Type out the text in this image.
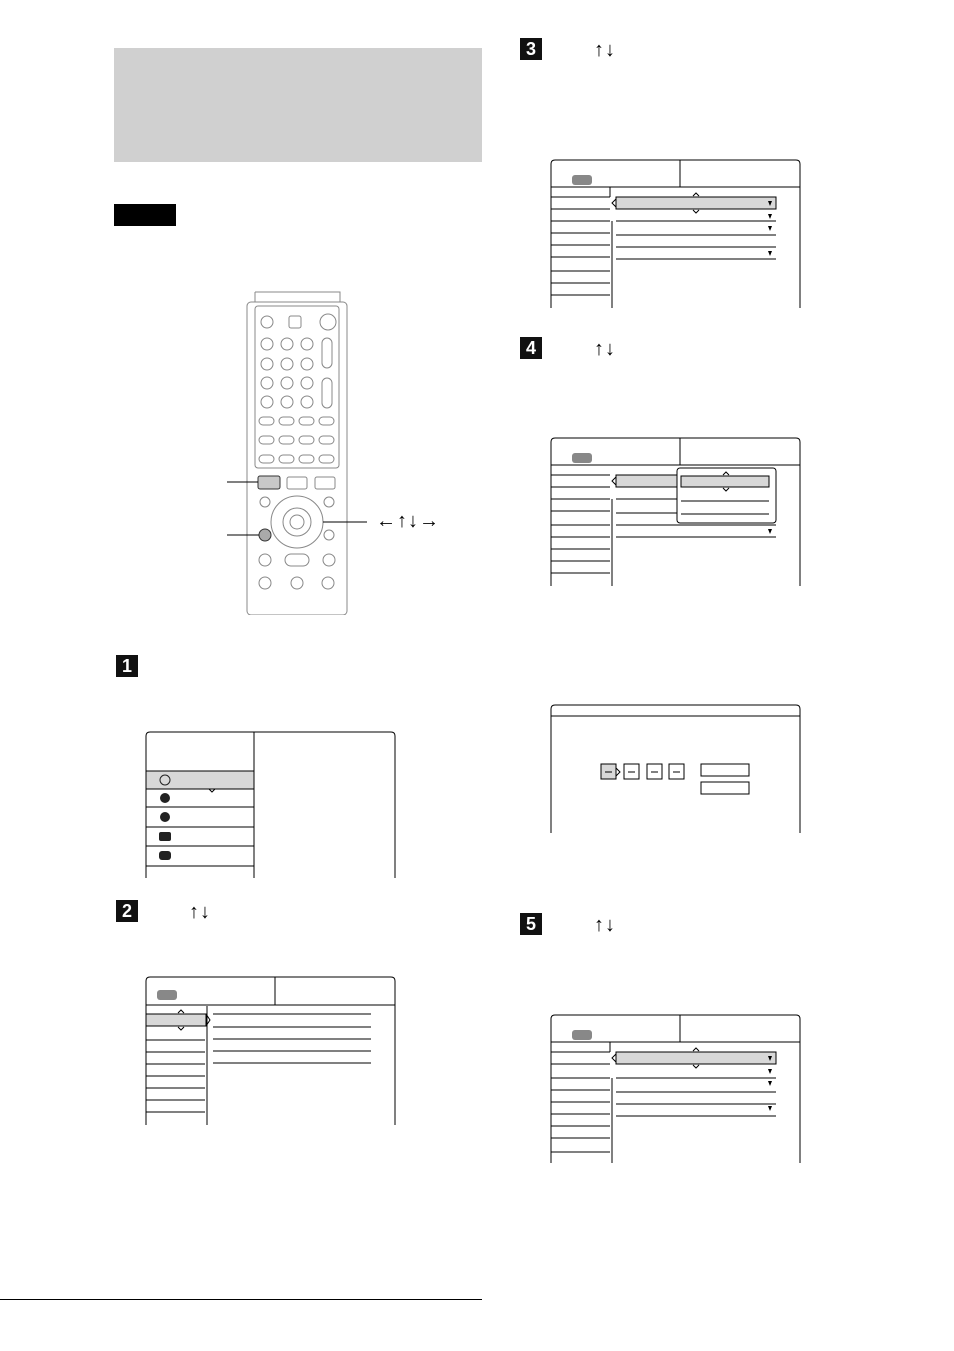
←↑↓→
1
2	↑↓
3	↑↓
4	↑↓
5	↑↓
